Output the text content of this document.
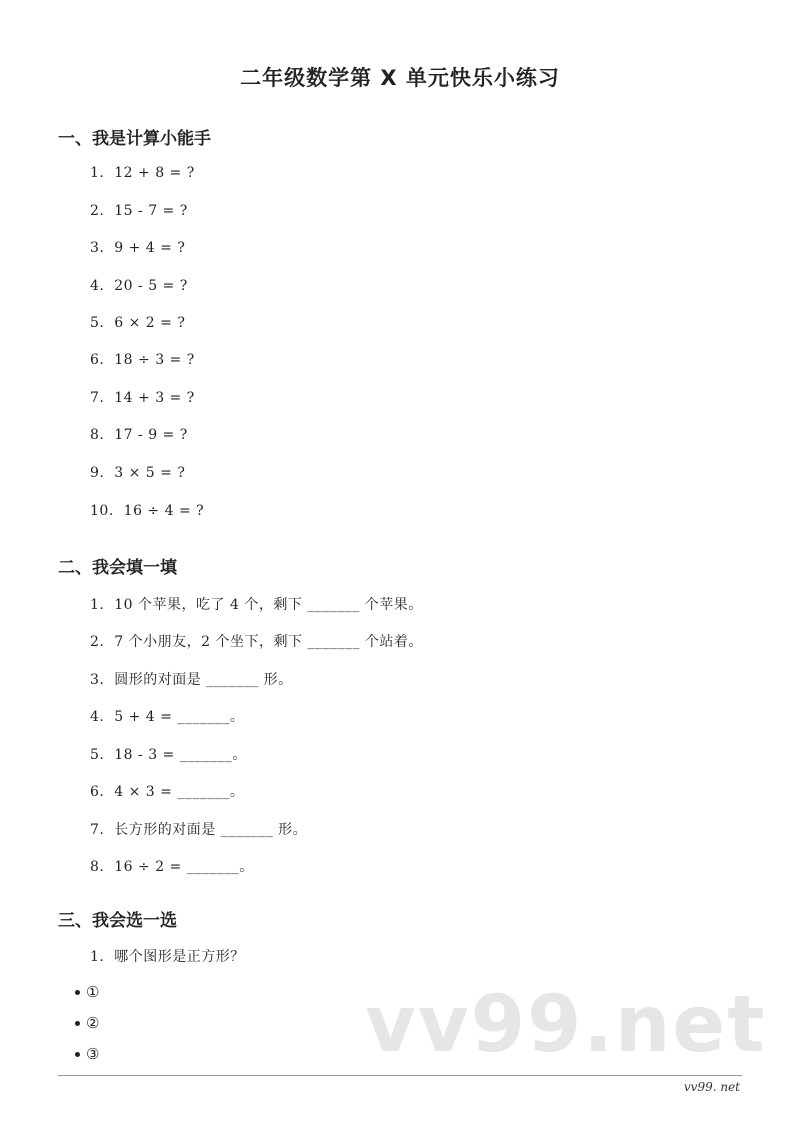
二年级数学第 X 单元快乐小练习
一、我是计算小能手
1.  12 + 8 = ?
2.  15 - 7 = ?
3.  9 + 4 = ?
4.  20 - 5 = ?
5.  6 × 2 = ?
6.  18 ÷ 3 = ?
7.  14 + 3 = ?
8.  17 - 9 = ?
9.  3 × 5 = ?
10.  16 ÷ 4 = ?
二、我会填一填
1.  10 个苹果，吃了 4 个，剩下 _______ 个苹果。
2.  7 个小朋友，2 个坐下，剩下 _______ 个站着。
3.  圆形的对面是 _______ 形。
4.  5 + 4 = _______。
5.  18 - 3 = _______。
6.  4 × 3 = _______。
7.  长方形的对面是 _______ 形。
8.  16 ÷ 2 = _______。
三、我会选一选
1.  哪个图形是正方形？
①
②
③	vv99.net
vv99. net
